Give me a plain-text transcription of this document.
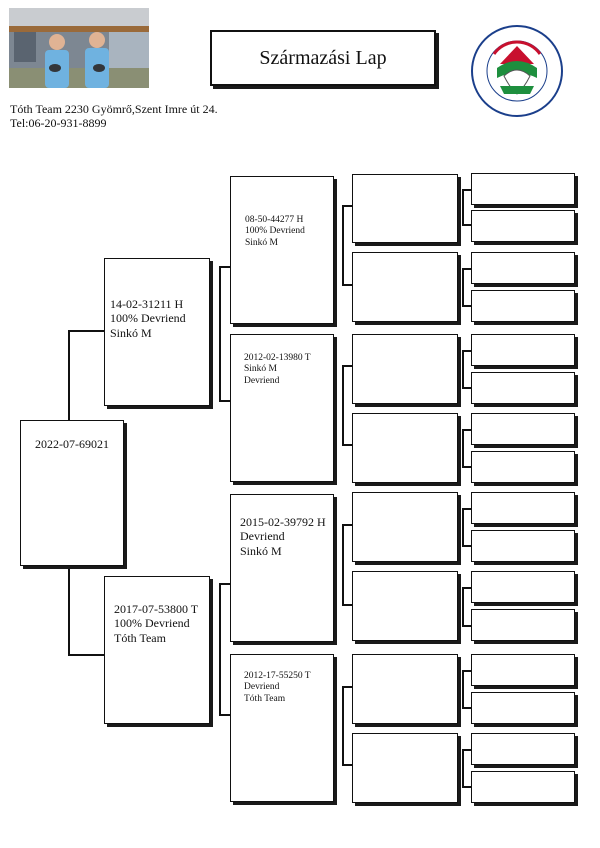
Származási Lap
Tóth Team 2230 Gyömrő,Szent Imre út 24.
Tel:06-20-931-8899
2022-07-69021
14-02-31211 H
100% Devriend
Sinkó M
2017-07-53800 T
100% Devriend
Tóth Team
08-50-44277 H
100% Devriend
Sinkó M
2012-02-13980 T
Sinkó M
Devriend
2015-02-39792 H
Devriend
Sinkó M
2012-17-55250 T
Devriend
Tóth Team
